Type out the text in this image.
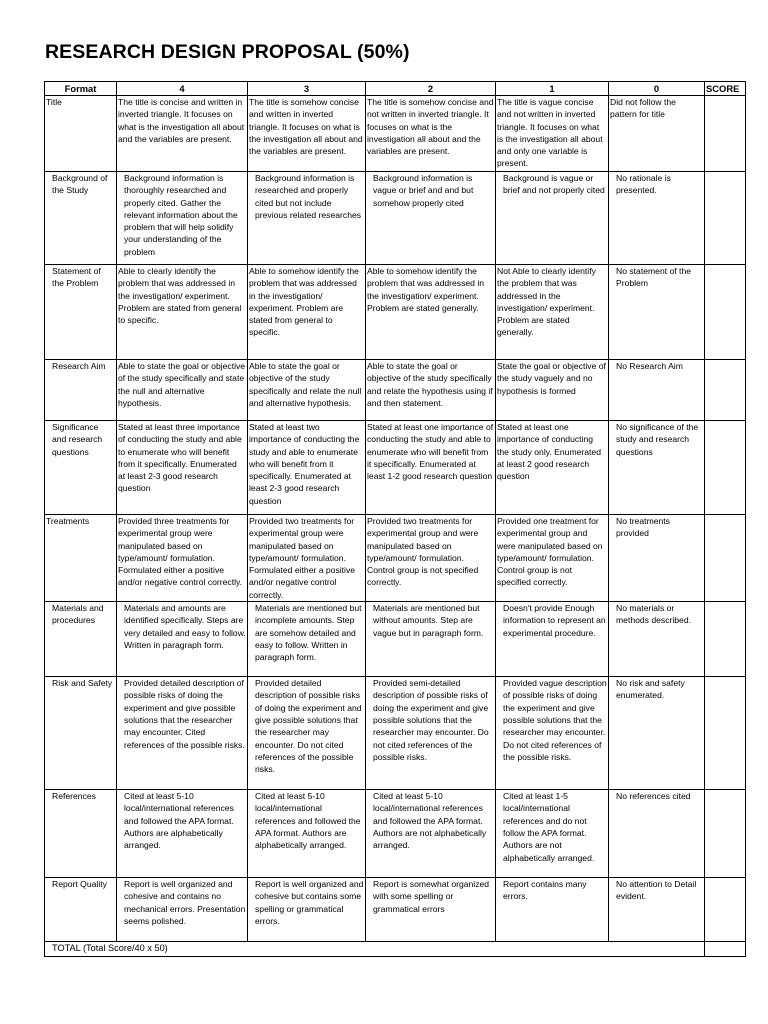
RESEARCH DESIGN PROPOSAL (50%)
Format	4	3	2	1	0	SCORE
Title	The title is concise and written in inverted triangle. It focuses on what is the investigation all about and the variables are present.	The title is somehow concise and written in inverted triangle. It focuses on what is the investigation all about and the variables are present.	The title is somehow concise and not written in inverted triangle. It focuses on what is the investigation all about and the variables are present.	The title is vague concise and not written in inverted triangle. It focuses on what is the investigation all about and only one variable is present.	Did not follow the pattern for title	
Background of the Study	Background information is thoroughly researched and properly cited. Gather the relevant information about the problem that will help solidify your understanding of the problem	Background information is researched and properly cited but not include previous related researches	Background information is vague or brief and and but somehow properly cited	Background is vague or brief and not properly cited	No rationale is presented.	
Statement of the Problem	Able to clearly identify the problem that was addressed in the investigation/ experiment. Problem are stated from general to specific.	Able to somehow identify the problem that was addressed in the investigation/ experiment. Problem are stated from general to specific.	Able to somehow identify the problem that was addressed in the investigation/ experiment. Problem are stated generally.	Not Able to clearly identify the problem that was addressed in the investigation/ experiment. Problem are stated generally.	No statement of the Problem	
Research Aim	Able to state the goal or objective of the study specifically and state the null and alternative hypothesis.	Able to state the goal or objective of the study specifically and relate the null and alternative hypothesis.	Able to state the goal or objective of the study specifically and relate the hypothesis using if and then statement.	State the goal or objective of the study vaguely and no hypothesis is formed	No Research Aim	
Significance and research questions	Stated at least three importance of conducting the study and able to enumerate who will benefit from it specifically. Enumerated at least 2-3 good research question	Stated at least two importance of conducting the study and able to enumerate who will benefit from it specifically. Enumerated at least 2-3 good research question	Stated at least one importance of conducting the study and able to enumerate who will benefit from it specifically. Enumerated at least 1-2 good research question	Stated at least one importance of conducting the study only. Enumerated at least 2 good research question	No significance of the study and research questions	
Treatments	Provided three treatments for experimental group were manipulated based on type/amount/ formulation. Formulated either a positive and/or negative control correctly.	Provided two treatments for experimental group were manipulated based on type/amount/ formulation. Formulated either a positive and/or negative control correctly.	Provided two treatments for experimental group and were manipulated based on type/amount/ formulation. Control group is not specified correctly.	Provided one treatment for experimental group and were manipulated based on type/amount/ formulation. Control group is not specified correctly.	No treatments provided	
Materials and procedures	Materials and amounts are identified specifically. Steps are very detailed and easy to follow. Written in paragraph form.	Materials are mentioned but incomplete amounts. Step are somehow detailed and easy to follow. Written in paragraph form.	Materials are mentioned but without amounts. Step are vague but in paragraph form.	Doesn't provide Enough information to represent an experimental procedure.	No materials or methods described.	
Risk and Safety	Provided detailed description of possible risks of doing the experiment and give possible solutions that the researcher may encounter. Cited references of the possible risks.	Provided detailed description of possible risks of doing the experiment and give possible solutions that the researcher may encounter. Do not cited references of the possible risks.	Provided semi-detailed description of possible risks of doing the experiment and give possible solutions that the researcher may encounter. Do not cited references of the possible risks.	Provided vague description of possible risks of doing the experiment and give possible solutions that the researcher may encounter. Do not cited references of the possible risks.	No risk and safety enumerated.	
References	Cited at least 5-10 local/international references and followed the APA format. Authors are alphabetically arranged.	Cited at least 5-10 local/international references and followed the APA format. Authors are alphabetically arranged.	Cited at least 5-10 local/international references and followed the APA format. Authors are not alphabetically arranged.	Cited at least 1-5 local/international references and do not follow the APA format. Authors are not alphabetically arranged.	No references cited	
Report Quality	Report is well organized and cohesive and contains no mechanical errors. Presentation seems polished.	Report is well organized and cohesive but contains some spelling or grammatical errors.	Report is somewhat organized with some spelling or grammatical errors	Report contains many errors.	No attention to Detail evident.	
TOTAL (Total Score/40 x 50)						
